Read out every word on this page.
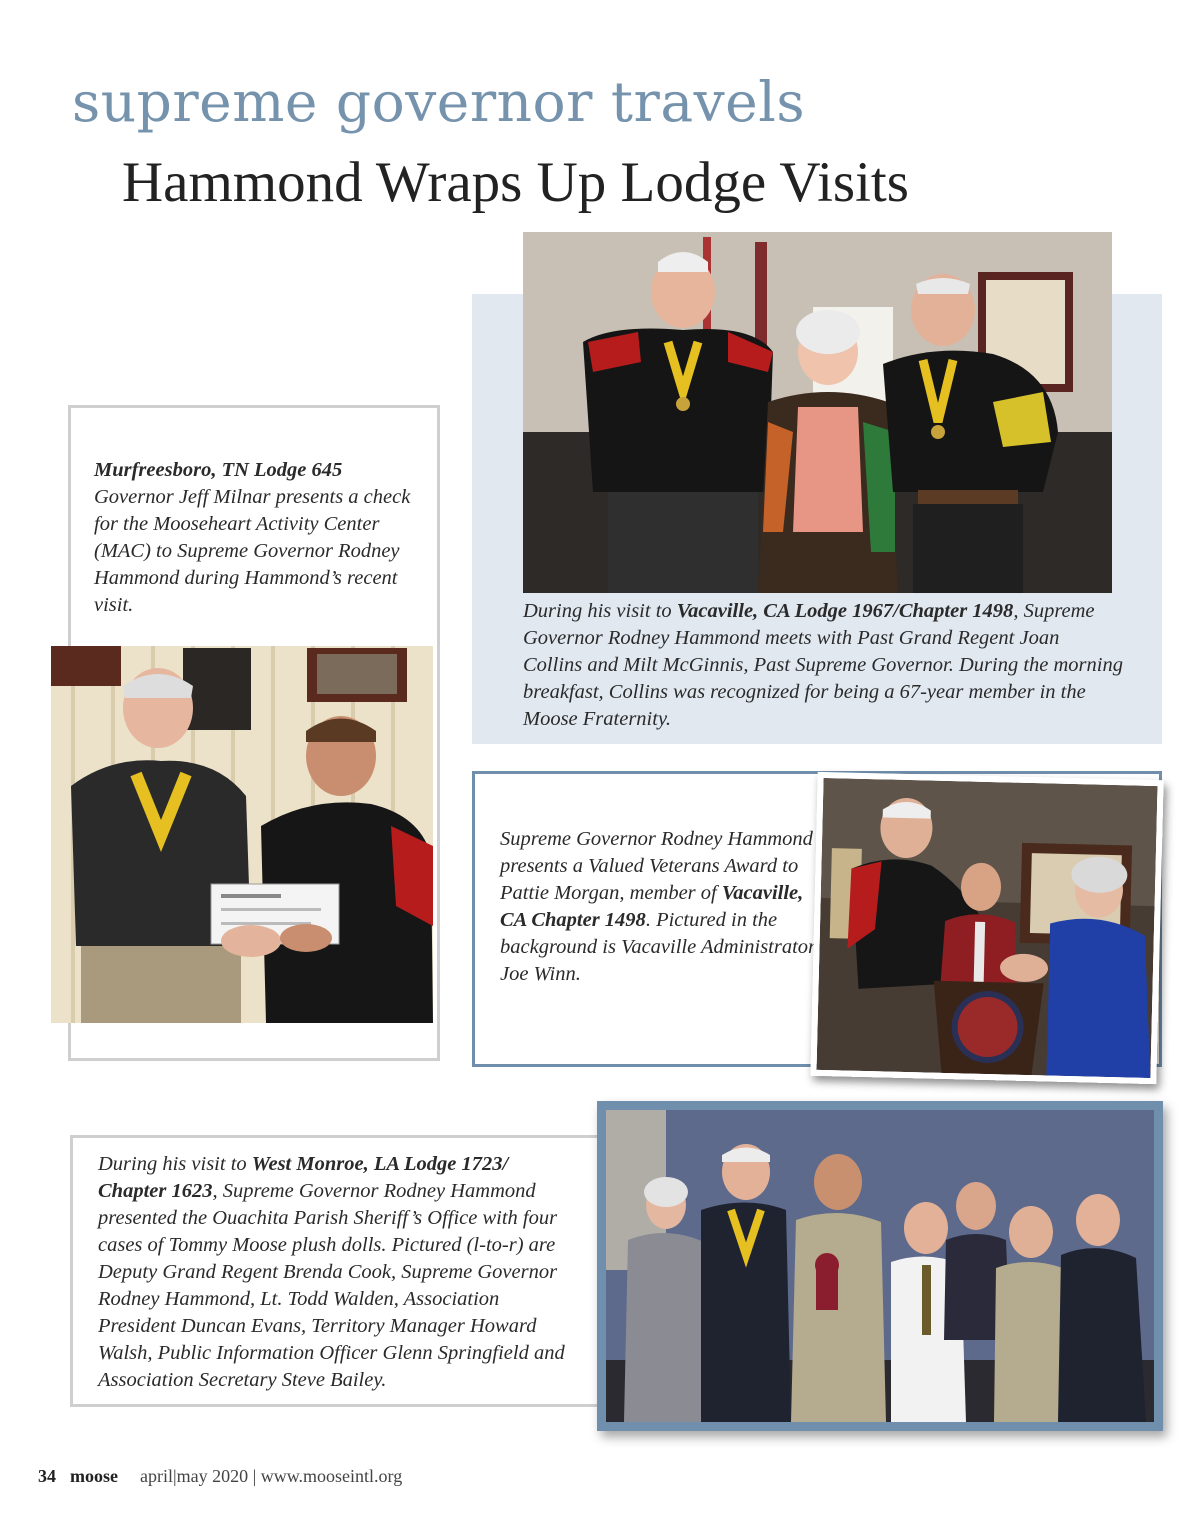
supreme governor travels
Hammond Wraps Up Lodge Visits
During his visit to Vacaville, CA Lodge 1967/Chapter 1498, Supreme Governor Rodney Hammond meets with Past Grand Regent Joan Collins and Milt McGinnis, Past Supreme Governor. During the morning breakfast, Collins was recognized for being a 67-year member in the Moose Fraternity.
Murfreesboro, TN Lodge 645
Governor Jeff Milnar presents a check for the Mooseheart Activity Center (MAC) to Supreme Governor Rodney Hammond during Hammond’s recent visit.
Supreme Governor Rodney Hammond presents a Valued Veterans Award to Pattie Morgan, member of Vacaville, CA Chapter 1498. Pictured in the background is Vacaville Administrator Joe Winn.
During his visit to West Monroe, LA Lodge 1723/ Chapter 1623, Supreme Governor Rodney Hammond presented the Ouachita Parish Sheriff’s Office with four cases of Tommy Moose plush dolls. Pictured (l-to-r) are Deputy Grand Regent Brenda Cook, Supreme Governor Rodney Hammond, Lt. Todd Walden, Association President Duncan Evans, Territory Manager Howard Walsh, Public Information Officer Glenn Springfield and Association Secretary Steve Bailey.
34 moose april|may 2020 | www.mooseintl.org
